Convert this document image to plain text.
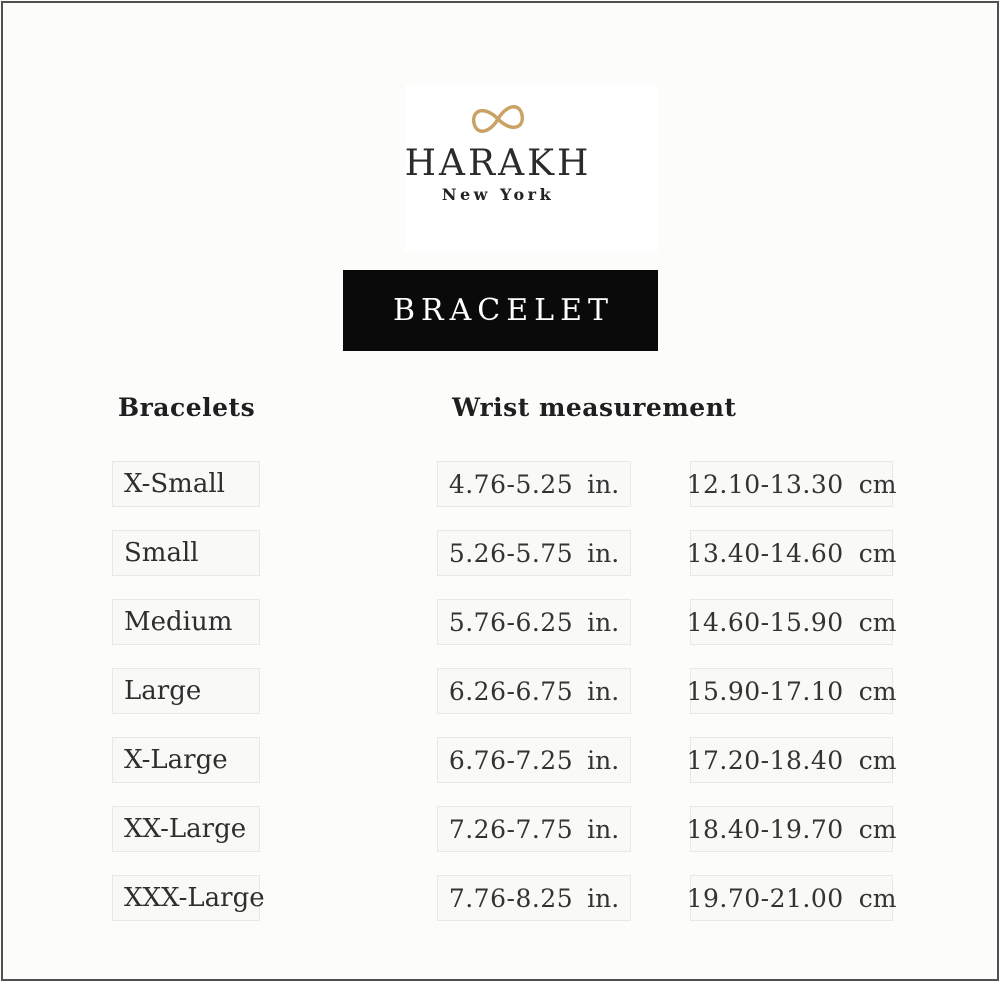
HARAKH
New York
BRACELET
Bracelets	Wrist measurement
X-Small	4.76-5.25 in.	12.10-13.30 cm
Small	5.26-5.75 in.	13.40-14.60 cm
Medium	5.76-6.25 in.	14.60-15.90 cm
Large	6.26-6.75 in.	15.90-17.10 cm
X-Large	6.76-7.25 in.	17.20-18.40 cm
XX-Large	7.26-7.75 in.	18.40-19.70 cm
XXX-Large	7.76-8.25 in.	19.70-21.00 cm
